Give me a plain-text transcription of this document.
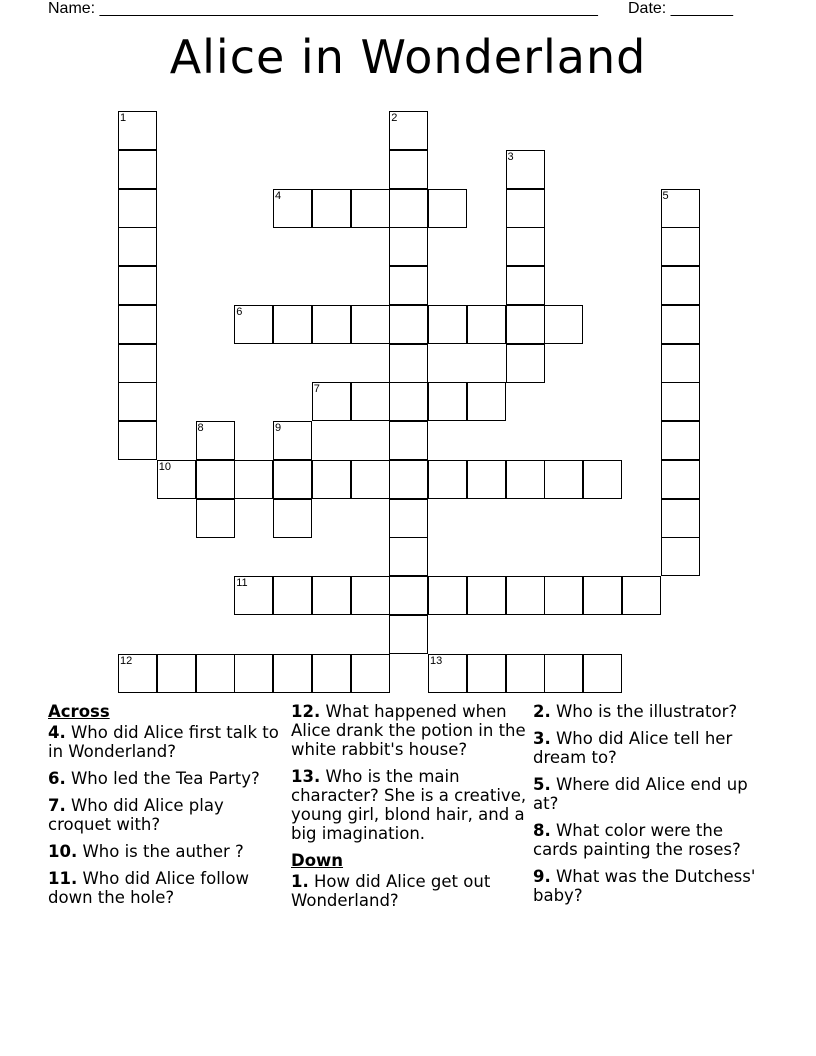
Name: ________________________________________________________ Date: _______
Alice in Wonderland
1	2
3
4	5
6
7
8	9
10
11
12	13
Across
4. Who did Alice first talk to in Wonderland?
6. Who led the Tea Party?
7. Who did Alice play croquet with?
10. Who is the auther ?
11. Who did Alice follow down the hole?
12. What happened when Alice drank the potion in the white rabbit's house?
13. Who is the main character? She is a creative, young girl, blond hair, and a big imagination.
Down
1. How did Alice get out Wonderland?
2. Who is the illustrator?
3. Who did Alice tell her dream to?
5. Where did Alice end up at?
8. What color were the cards painting the roses?
9. What was the Dutchess' baby?
